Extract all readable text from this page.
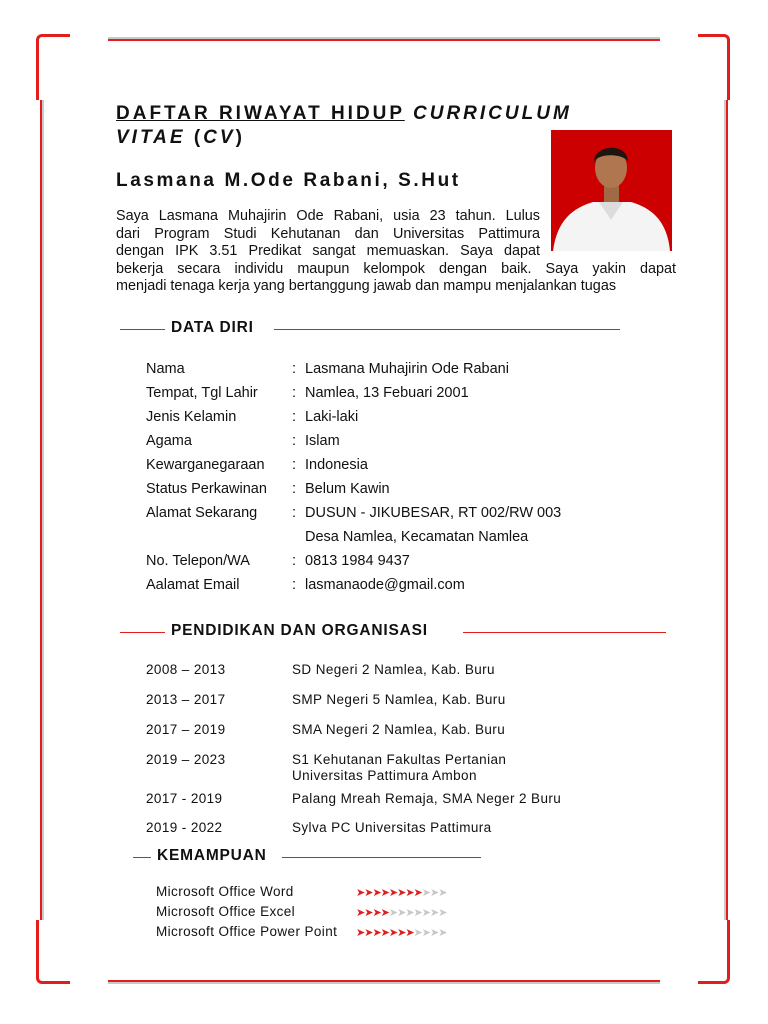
DAFTAR RIWAYAT HIDUP CURRICULUM
VITAE (CV)
Lasmana M.Ode Rabani, S.Hut
Saya Lasmana Muhajirin Ode Rabani, usia 23 tahun. Lulus
dari Program Studi Kehutanan dan Universitas Pattimura
dengan IPK 3.51 Predikat sangat memuaskan. Saya dapat
bekerja secara individu maupun kelompok dengan baik. Saya yakin dapat
menjadi tenaga kerja yang bertanggung jawab dan mampu menjalankan tugas
DATA DIRI
Nama	: Lasmana Muhajirin Ode Rabani
Tempat, Tgl Lahir : Namlea, 13 Febuari 2001
Jenis Kelamin	: Laki-laki
Agama	: Islam
Kewarganegaraan : Indonesia
Status Perkawinan : Belum Kawin
Alamat Sekarang : DUSUN - JIKUBESAR, RT 002/RW 003
Desa Namlea, Kecamatan Namlea
No. Telepon/WA	: 0813 1984 9437
Aalamat Email	: lasmanaode@gmail.com
PENDIDIKAN DAN ORGANISASI
2008 – 2013	SD Negeri 2 Namlea, Kab. Buru
2013 – 2017	SMP Negeri 5 Namlea, Kab. Buru
2017 – 2019	SMA Negeri 2 Namlea, Kab. Buru
2019 – 2023	S1 Kehutanan Fakultas Pertanian
Universitas Pattimura Ambon
2017 - 2019	Palang Mreah Remaja, SMA Neger 2 Buru
2019 - 2022	Sylva PC Universitas Pattimura
KEMAMPUAN
Microsoft Office Word	➤➤➤➤➤➤➤➤➤➤➤
Microsoft Office Excel	➤➤➤➤➤➤➤➤➤➤➤
Microsoft Office Power Point ➤➤➤➤➤➤➤➤➤➤➤
